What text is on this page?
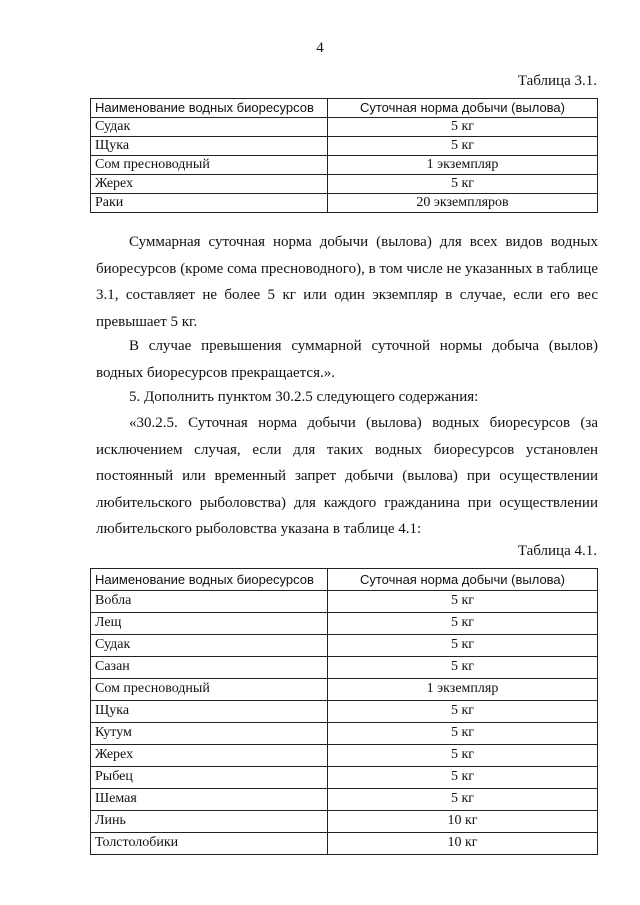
4
Таблица 3.1.
Наименование водных биоресурсов	Суточная норма добычи (вылова)
Судак	5 кг
Щука	5 кг
Сом пресноводный	1 экземпляр
Жерех	5 кг
Раки	20 экземпляров

Суммарная суточная норма добычи (вылова) для всех видов водных биоресурсов (кроме сома пресноводного), в том числе не указанных в таблице 3.1, составляет не более 5 кг или один экземпляр в случае, если его вес превышает 5 кг.

В случае превышения суммарной суточной нормы добыча (вылов) водных биоресурсов прекращается.».

5. Дополнить пунктом 30.2.5 следующего содержания:

«30.2.5. Суточная норма добычи (вылова) водных биоресурсов (за исключением случая, если для таких водных биоресурсов установлен постоянный или временный запрет добычи (вылова) при осуществлении любительского рыболовства) для каждого гражданина при осуществлении любительского рыболовства указана в таблице 4.1:

Таблица 4.1.
Наименование водных биоресурсов	Суточная норма добычи (вылова)
Вобла	5 кг
Лещ	5 кг
Судак	5 кг
Сазан	5 кг
Сом пресноводный	1 экземпляр
Щука	5 кг
Кутум	5 кг
Жерех	5 кг
Рыбец	5 кг
Шемая	5 кг
Линь	10 кг
Толстолобики	10 кг
